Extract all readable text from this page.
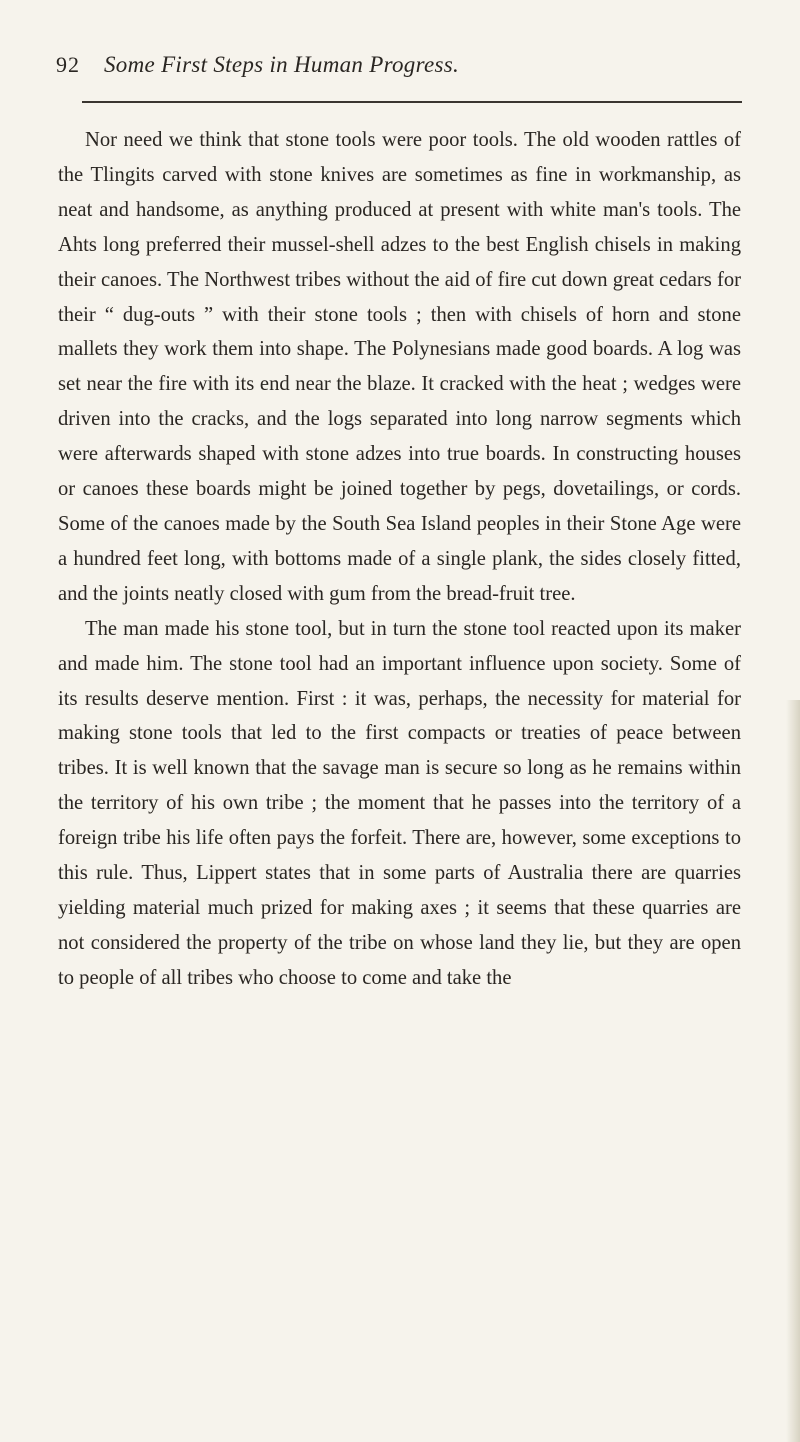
92 Some First Steps in Human Progress.

Nor need we think that stone tools were poor tools. The old wooden rattles of the Tlingits carved with stone knives are sometimes as fine in workmanship, as neat and handsome, as anything produced at present with white man's tools. The Ahts long preferred their mussel-shell adzes to the best English chisels in making their canoes. The Northwest tribes without the aid of fire cut down great cedars for their “ dug-outs ” with their stone tools ; then with chisels of horn and stone mallets they work them into shape. The Polynesians made good boards. A log was set near the fire with its end near the blaze. It cracked with the heat ; wedges were driven into the cracks, and the logs separated into long narrow segments which were afterwards shaped with stone adzes into true boards. In constructing houses or canoes these boards might be joined together by pegs, dovetailings, or cords. Some of the canoes made by the South Sea Island peoples in their Stone Age were a hundred feet long, with bottoms made of a single plank, the sides closely fitted, and the joints neatly closed with gum from the bread-fruit tree.

The man made his stone tool, but in turn the stone tool reacted upon its maker and made him. The stone tool had an important influence upon society. Some of its results deserve mention. First : it was, perhaps, the necessity for material for making stone tools that led to the first compacts or treaties of peace between tribes. It is well known that the savage man is secure so long as he remains within the territory of his own tribe ; the moment that he passes into the territory of a foreign tribe his life often pays the forfeit. There are, however, some exceptions to this rule. Thus, Lippert states that in some parts of Australia there are quarries yielding material much prized for making axes ; it seems that these quarries are not considered the property of the tribe on whose land they lie, but they are open to people of all tribes who choose to come and take the
